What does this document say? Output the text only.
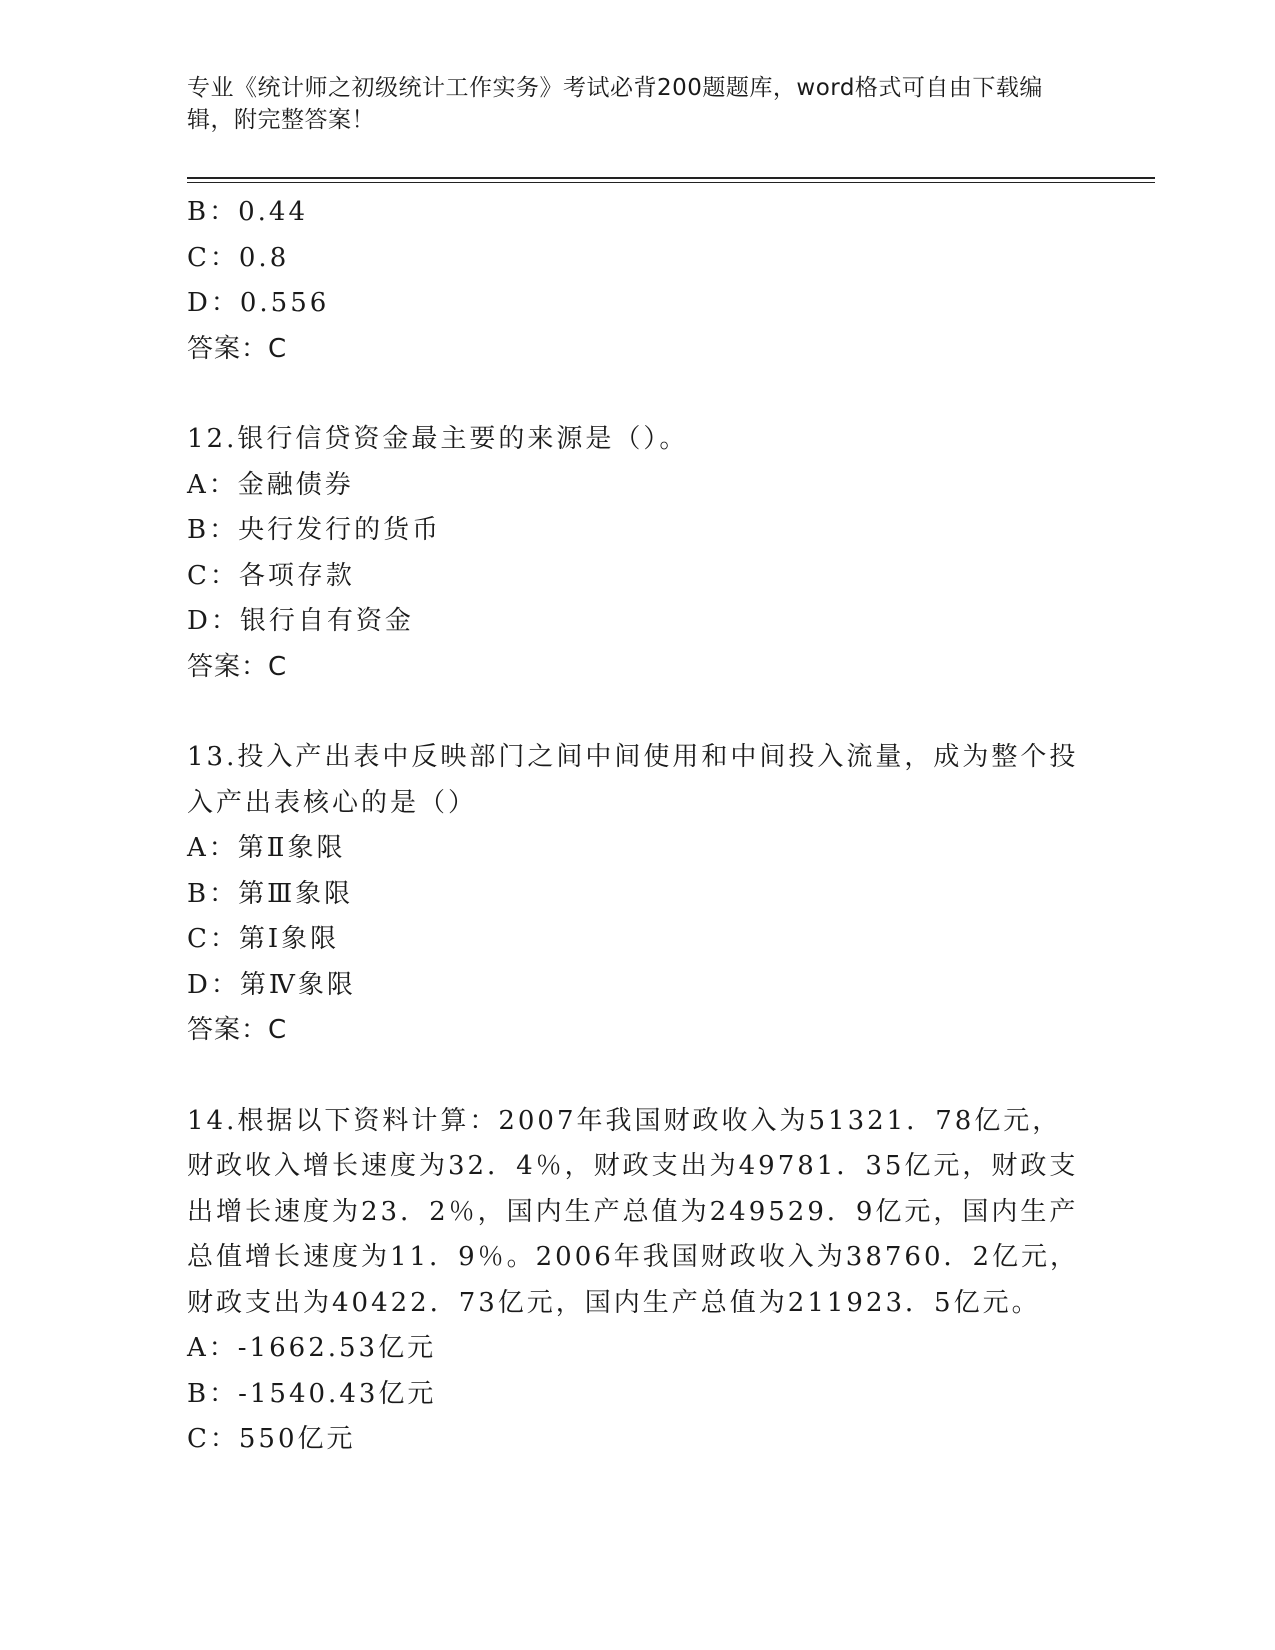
专业《统计师之初级统计工作实务》考试必背200题题库，word格式可自由下载编辑，附完整答案！
B：0.44
C：0.8
D：0.556
答案：C
12.银行信贷资金最主要的来源是（）。
A：金融债券
B：央行发行的货币
C：各项存款
D：银行自有资金
答案：C
13.投入产出表中反映部门之间中间使用和中间投入流量，成为整个投入产出表核心的是（）
A：第Ⅱ象限
B：第Ⅲ象限
C：第Ⅰ象限
D：第Ⅳ象限
答案：C
14.根据以下资料计算：2007年我国财政收入为51321．78亿元，财政收入增长速度为32．4％，财政支出为49781．35亿元，财政支出增长速度为23．2％，国内生产总值为249529．9亿元，国内生产总值增长速度为11．9％。2006年我国财政收入为38760．2亿元，财政支出为40422．73亿元，国内生产总值为211923．5亿元。
A：-1662.53亿元
B：-1540.43亿元
C：550亿元
